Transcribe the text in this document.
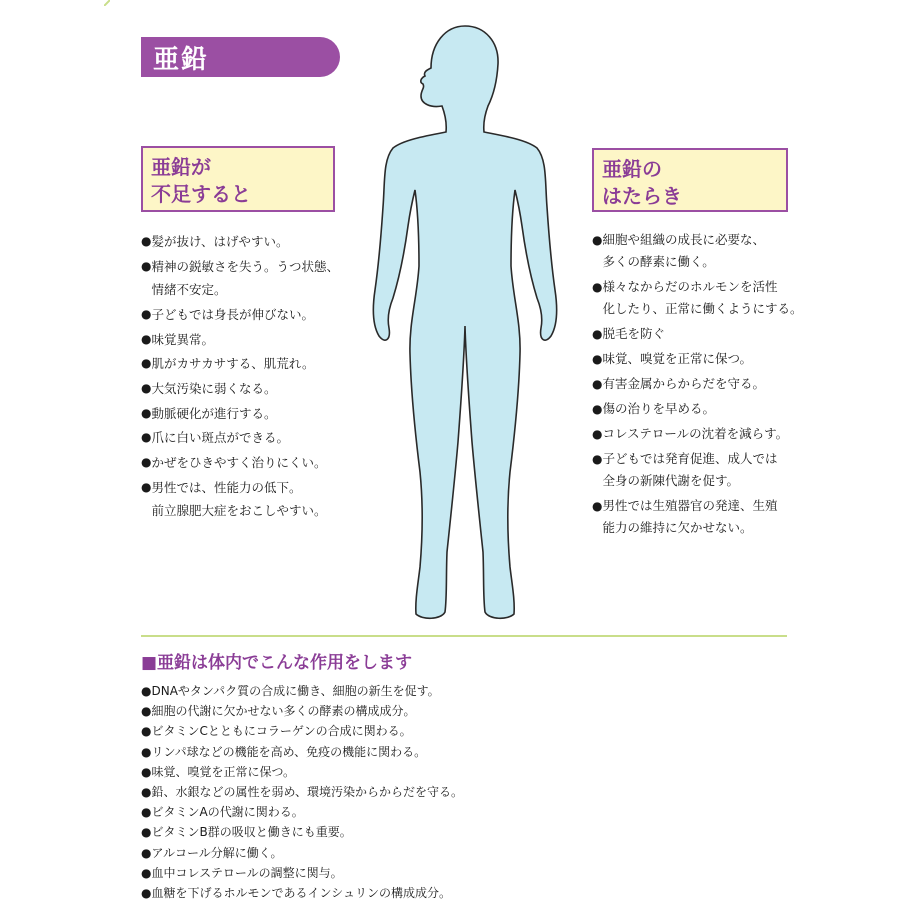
亜鉛
亜鉛が
不足すると
● 髪が抜け、はげやすい。
● 精神の鋭敏さを失う。うつ状態、
情緒不安定。
● 子どもでは身長が伸びない。
● 味覚異常。
● 肌がカサカサする、肌荒れ。
● 大気汚染に弱くなる。
● 動脈硬化が進行する。
● 爪に白い斑点ができる。
● かぜをひきやすく治りにくい。
● 男性では、性能力の低下。
前立腺肥大症をおこしやすい。
亜鉛の
はたらき
● 細胞や組織の成長に必要な、
多くの酵素に働く。
● 様々なからだのホルモンを活性
化したり、正常に働くようにする。
● 脱毛を防ぐ
● 味覚、嗅覚を正常に保つ。
● 有害金属からからだを守る。
● 傷の治りを早める。
● コレステロールの沈着を減らす。
● 子どもでは発育促進、成人では
全身の新陳代謝を促す。
● 男性では生殖器官の発達、生殖
能力の維持に欠かせない。
■亜鉛は体内でこんな作用をします
● DNAやタンパク質の合成に働き、細胞の新生を促す。
● 細胞の代謝に欠かせない多くの酵素の構成成分。
● ビタミンCとともにコラーゲンの合成に関わる。
● リンパ球などの機能を高め、免疫の機能に関わる。
● 味覚、嗅覚を正常に保つ。
● 鉛、水銀などの属性を弱め、環境汚染からからだを守る。
● ビタミンAの代謝に関わる。
● ビタミンB群の吸収と働きにも重要。
● アルコール分解に働く。
● 血中コレステロールの調整に関与。
● 血糖を下げるホルモンであるインシュリンの構成成分。
